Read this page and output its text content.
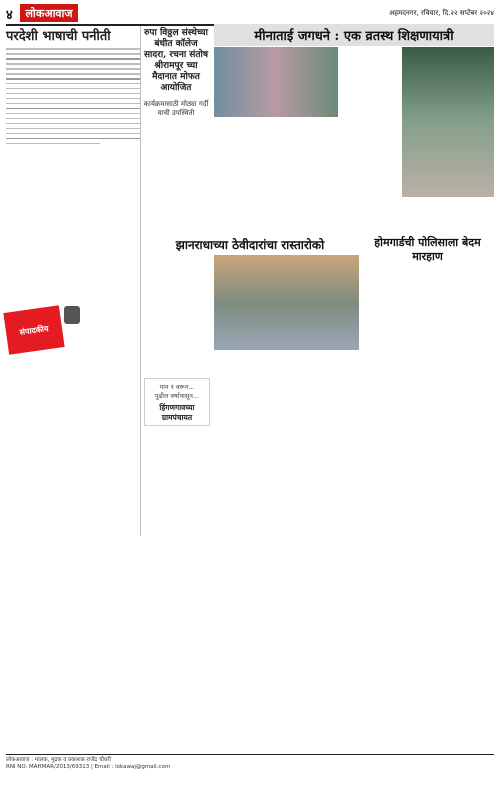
४	लोकआवाज	अहमदनगर, रविवार, दि.२२ सप्टेंबर २०२४
परदेशी भाषाची पनीती
संपादकीय
रुपा विठ्ठल संस्थेच्या बंधीत कॉलेज सादरा, रचना संतोष श्रीरामपूर च्या मैदानात मोफत आयोजित
कार्यक्रमासाठी मोठ्या गर्दी याची उपस्थिती
मीनाताई जगधने : एक व्रतस्थ शिक्षणायात्री
झानराधाच्या ठेवीदारांचा रास्तारोको	होमगार्डची पोलिसाला बेदम मारहाण
पान १ वरून...
पुढील वर्षापासून...
हिंगणगावच्या ग्रामपंचायत
लोकआवाज : मालक, मुद्रक व प्रकाशक राजेंद्र चौधरी
RNI NO. MAHMAR/2013/69313 | Email : lokawaj@gmail.com
